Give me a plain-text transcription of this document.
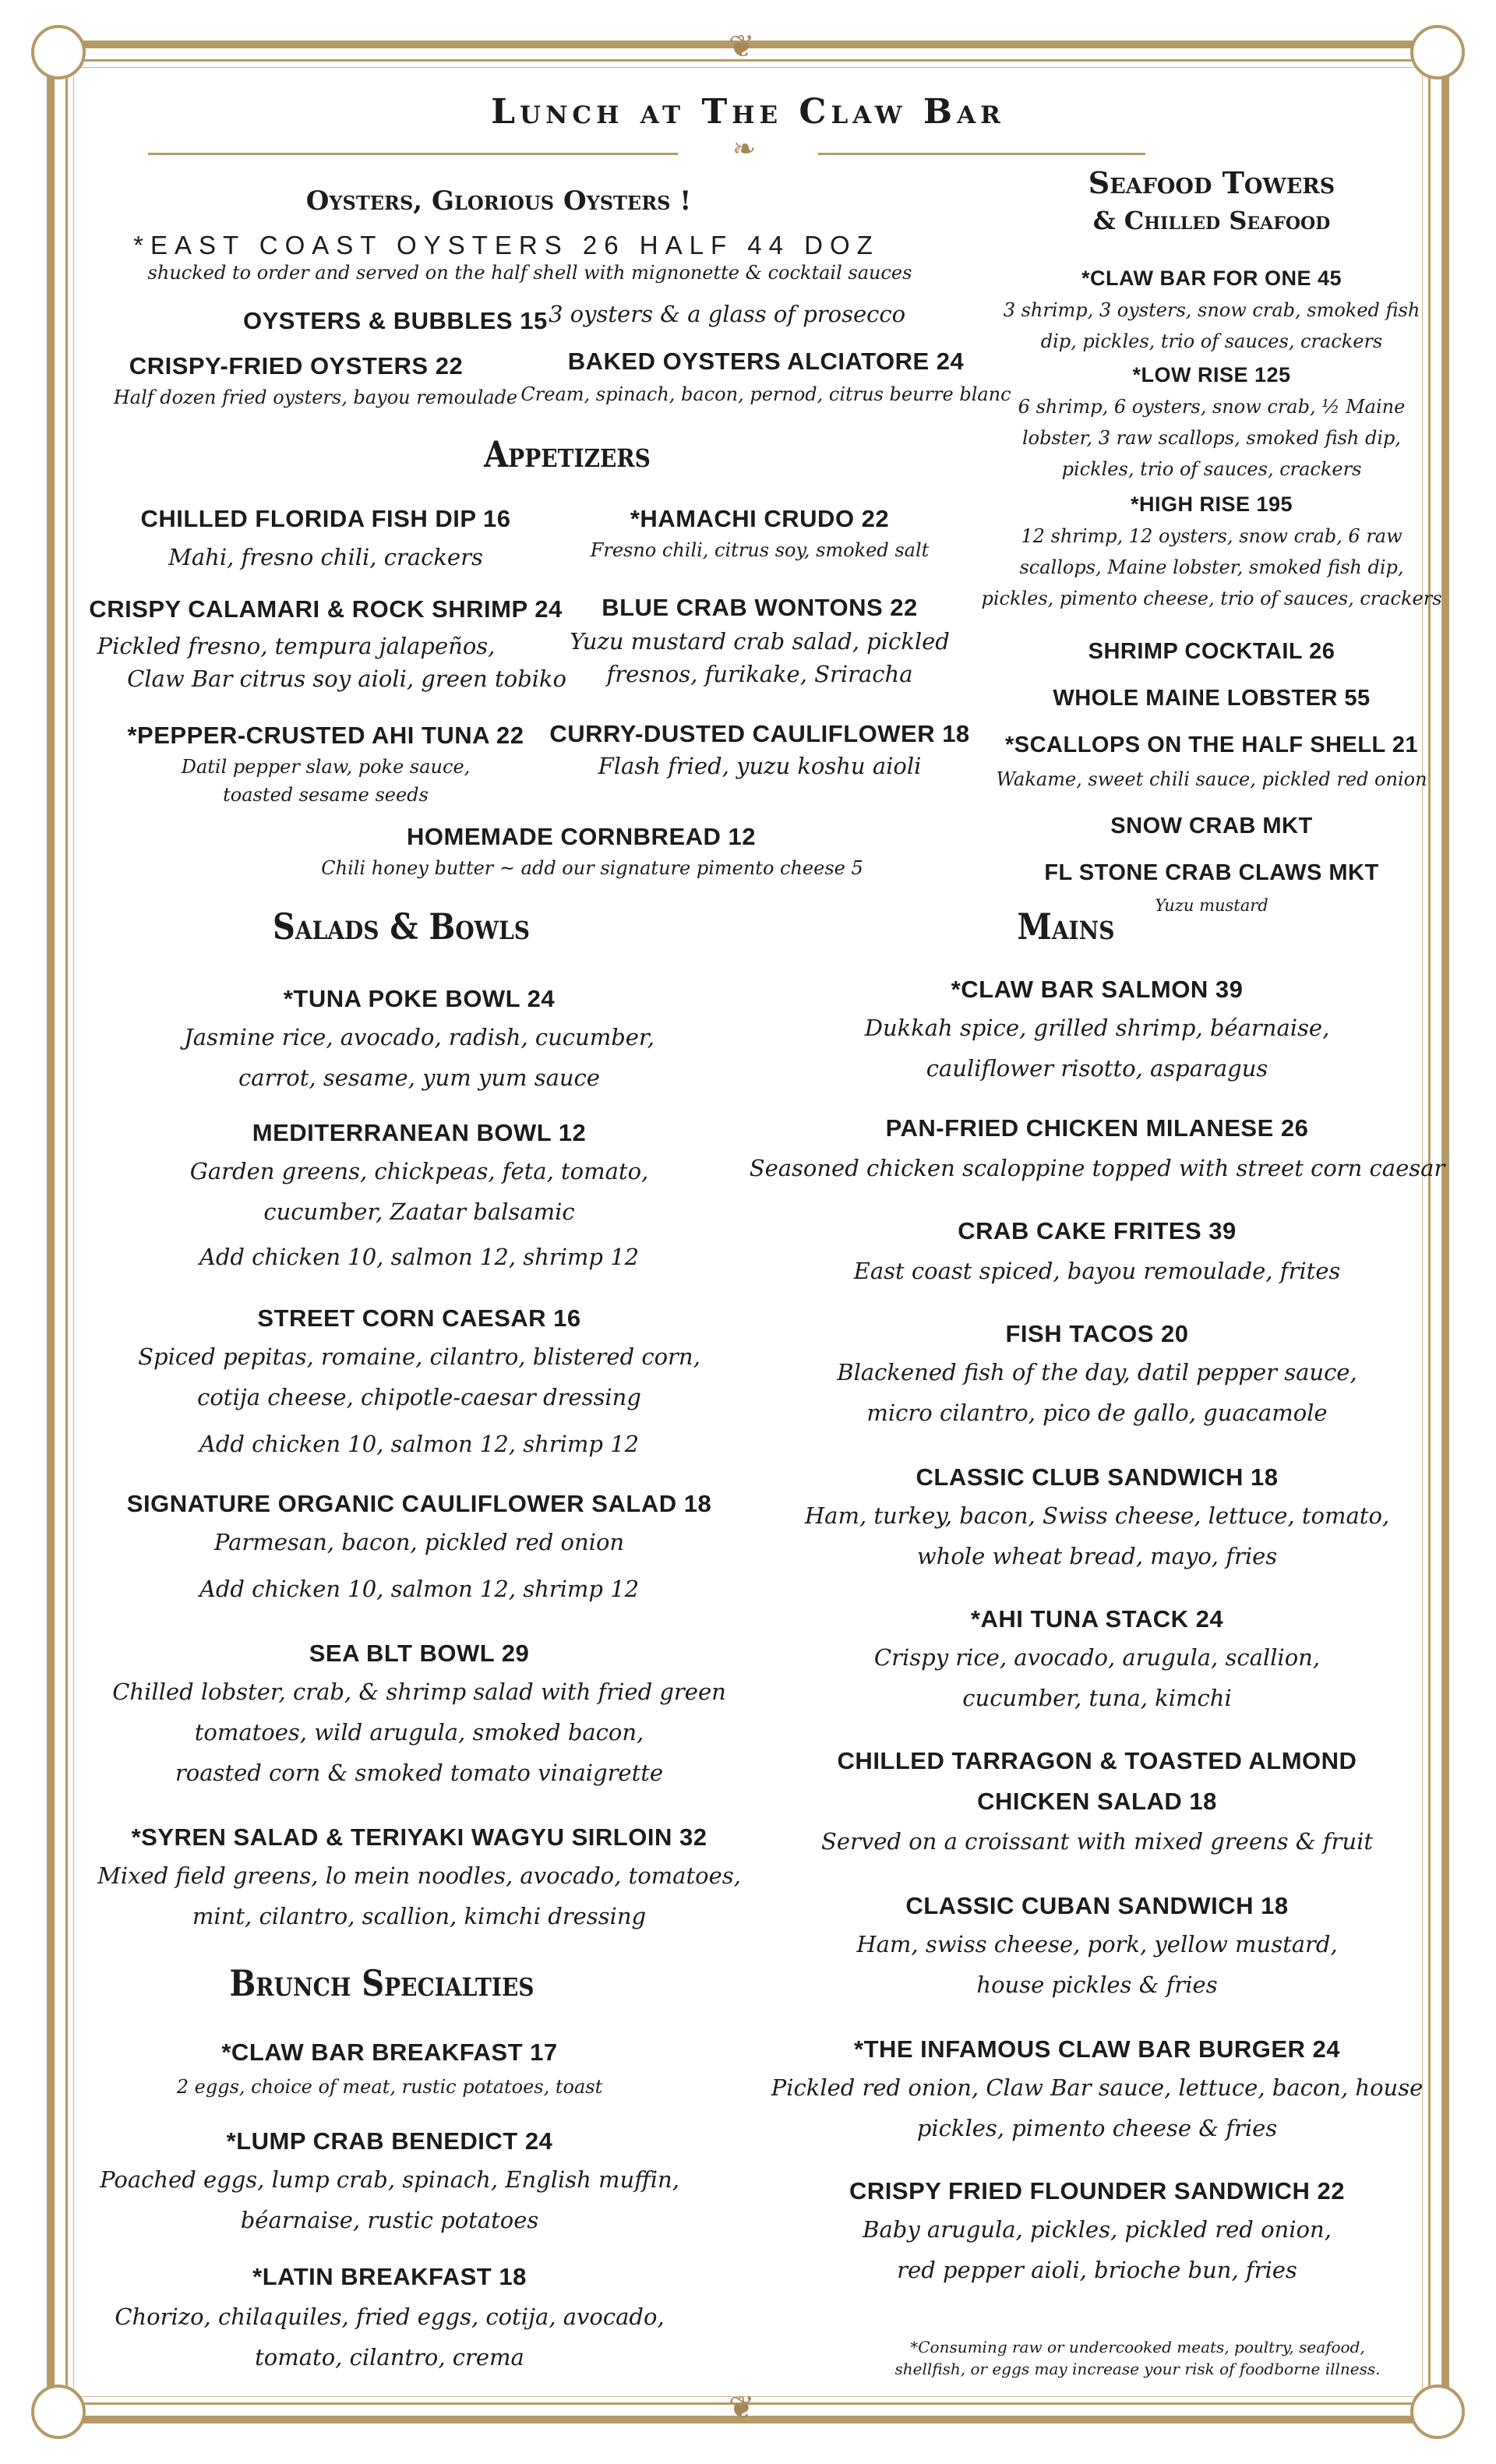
❦
❦
Lunch at The Claw Bar
❧
Oysters, Glorious Oysters !
*EAST COAST OYSTERS 26 HALF 44 DOZ
shucked to order and served on the half shell with mignonette & cocktail sauces
OYSTERS & BUBBLES 15 3 oysters & a glass of prosecco
CRISPY-FRIED OYSTERS 22
Half dozen fried oysters, bayou remoulade
BAKED OYSTERS ALCIATORE 24
Cream, spinach, bacon, pernod, citrus beurre blanc
Appetizers
CHILLED FLORIDA FISH DIP 16
Mahi, fresno chili, crackers
*HAMACHI CRUDO 22
Fresno chili, citrus soy, smoked salt
CRISPY CALAMARI & ROCK SHRIMP 24
Pickled fresno, tempura jalapeños,
Claw Bar citrus soy aioli, green tobiko
BLUE CRAB WONTONS 22
Yuzu mustard crab salad, pickled
fresnos, furikake, Sriracha
*PEPPER-CRUSTED AHI TUNA 22
Datil pepper slaw, poke sauce,
toasted sesame seeds
CURRY-DUSTED CAULIFLOWER 18
Flash fried, yuzu koshu aioli
HOMEMADE CORNBREAD 12
Chili honey butter ~ add our signature pimento cheese 5
Seafood Towers
& Chilled Seafood
*CLAW BAR FOR ONE 45
3 shrimp, 3 oysters, snow crab, smoked fish
dip, pickles, trio of sauces, crackers
*LOW RISE 125
6 shrimp, 6 oysters, snow crab, ½ Maine
lobster, 3 raw scallops, smoked fish dip,
pickles, trio of sauces, crackers
*HIGH RISE 195
12 shrimp, 12 oysters, snow crab, 6 raw
scallops, Maine lobster, smoked fish dip,
pickles, pimento cheese, trio of sauces, crackers
SHRIMP COCKTAIL 26
WHOLE MAINE LOBSTER 55
*SCALLOPS ON THE HALF SHELL 21
Wakame, sweet chili sauce, pickled red onion
SNOW CRAB MKT
FL STONE CRAB CLAWS MKT
Yuzu mustard
Salads & Bowls
*TUNA POKE BOWL 24
Jasmine rice, avocado, radish, cucumber,
carrot, sesame, yum yum sauce
MEDITERRANEAN BOWL 12
Garden greens, chickpeas, feta, tomato,
cucumber, Zaatar balsamic
Add chicken 10, salmon 12, shrimp 12
STREET CORN CAESAR 16
Spiced pepitas, romaine, cilantro, blistered corn,
cotija cheese, chipotle-caesar dressing
Add chicken 10, salmon 12, shrimp 12
SIGNATURE ORGANIC CAULIFLOWER SALAD 18
Parmesan, bacon, pickled red onion
Add chicken 10, salmon 12, shrimp 12
SEA BLT BOWL 29
Chilled lobster, crab, & shrimp salad with fried green
tomatoes, wild arugula, smoked bacon,
roasted corn & smoked tomato vinaigrette
*SYREN SALAD & TERIYAKI WAGYU SIRLOIN 32
Mixed field greens, lo mein noodles, avocado, tomatoes,
mint, cilantro, scallion, kimchi dressing
Brunch Specialties
*CLAW BAR BREAKFAST 17
2 eggs, choice of meat, rustic potatoes, toast
*LUMP CRAB BENEDICT 24
Poached eggs, lump crab, spinach, English muffin,
béarnaise, rustic potatoes
*LATIN BREAKFAST 18
Chorizo, chilaquiles, fried eggs, cotija, avocado,
tomato, cilantro, crema
Mains
*CLAW BAR SALMON 39
Dukkah spice, grilled shrimp, béarnaise,
cauliflower risotto, asparagus
PAN-FRIED CHICKEN MILANESE 26
Seasoned chicken scaloppine topped with street corn caesar
CRAB CAKE FRITES 39
East coast spiced, bayou remoulade, frites
FISH TACOS 20
Blackened fish of the day, datil pepper sauce,
micro cilantro, pico de gallo, guacamole
CLASSIC CLUB SANDWICH 18
Ham, turkey, bacon, Swiss cheese, lettuce, tomato,
whole wheat bread, mayo, fries
*AHI TUNA STACK 24
Crispy rice, avocado, arugula, scallion,
cucumber, tuna, kimchi
CHILLED TARRAGON & TOASTED ALMOND
CHICKEN SALAD 18
Served on a croissant with mixed greens & fruit
CLASSIC CUBAN SANDWICH 18
Ham, swiss cheese, pork, yellow mustard,
house pickles & fries
*THE INFAMOUS CLAW BAR BURGER 24
Pickled red onion, Claw Bar sauce, lettuce, bacon, house
pickles, pimento cheese & fries
CRISPY FRIED FLOUNDER SANDWICH 22
Baby arugula, pickles, pickled red onion,
red pepper aioli, brioche bun, fries
*Consuming raw or undercooked meats, poultry, seafood,
shellfish, or eggs may increase your risk of foodborne illness.
